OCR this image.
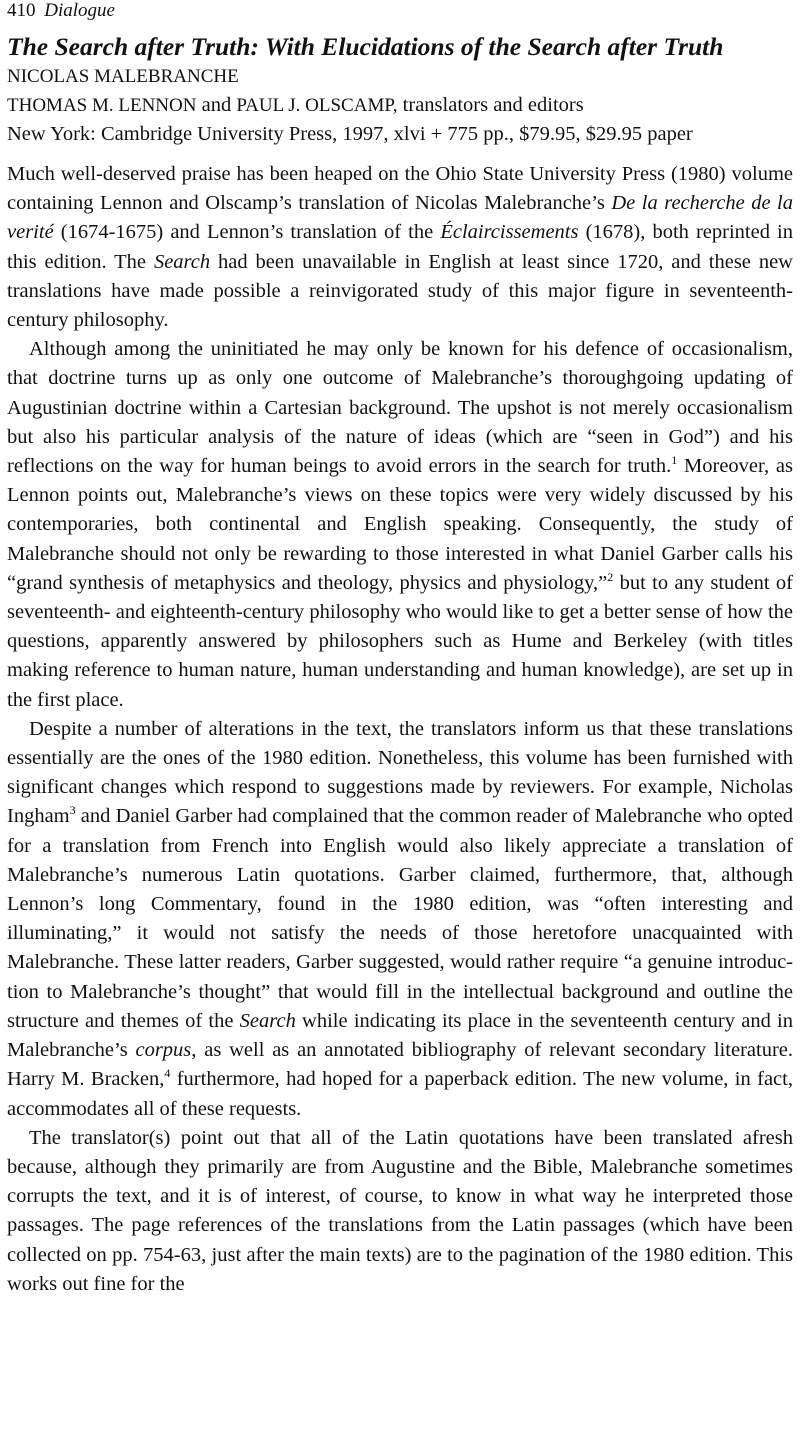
410 Dialogue
The Search after Truth: With Elucidations of the Search after Truth
NICOLAS MALEBRANCHE
THOMAS M. LENNON and PAUL J. OLSCAMP, translators and editors
New York: Cambridge University Press, 1997, xlvi + 775 pp., $79.95, $29.95 paper

Much well-deserved praise has been heaped on the Ohio State University Press (1980) volume containing Lennon and Olscamp’s translation of Nicolas Malebranche’s De la recherche de la verité (1674-1675) and Lennon’s translation of the Éclaircissements (1678), both reprinted in this edition. The Search had been unavailable in English at least since 1720, and these new translations have made possible a reinvigorated study of this major figure in seventeenth-century philosophy.

Although among the uninitiated he may only be known for his defence of occasionalism, that doctrine turns up as only one outcome of Malebranche’s thoroughgoing updating of Augustinian doctrine within a Cartesian background. The upshot is not merely occasionalism but also his particular analysis of the nature of ideas (which are “seen in God”) and his reflections on the way for human beings to avoid errors in the search for truth.$^1$ Moreover, as Lennon points out, Malebranche’s views on these topics were very widely discussed by his contemporaries, both continental and English speaking. Consequently, the study of Malebranche should not only be rewarding to those interested in what Daniel Garber calls his “grand synthesis of metaphysics and theology, physics and physiology,”$^2$ but to any student of seventeenth- and eighteenth-century philosophy who would like to get a better sense of how the questions, apparently answered by philosophers such as Hume and Berkeley (with titles making reference to human nature, human understanding and human knowledge), are set up in the first place.

Despite a number of alterations in the text, the translators inform us that these translations essentially are the ones of the 1980 edition. Nonetheless, this volume has been furnished with significant changes which respond to suggestions made by reviewers. For example, Nicholas Ingham$^3$ and Daniel Garber had complained that the common reader of Malebranche who opted for a translation from French into English would also likely appreciate a translation of Malebranche’s numerous Latin quotations. Garber claimed, furthermore, that, although Lennon’s long Commentary, found in the 1980 edition, was “often interesting and illuminating,” it would not satisfy the needs of those heretofore unacquainted with Malebranche. These latter readers, Garber suggested, would rather require “a genuine introduction to Malebranche’s thought” that would fill in the intellectual background and outline the structure and themes of the Search while indicating its place in the seventeenth century and in Malebranche’s corpus, as well as an annotated bibliography of relevant secondary literature. Harry M. Bracken,$^4$ furthermore, had hoped for a paperback edition. The new volume, in fact, accommodates all of these requests.

The translator(s) point out that all of the Latin quotations have been translated afresh because, although they primarily are from Augustine and the Bible, Malebranche sometimes corrupts the text, and it is of interest, of course, to know in what way he interpreted those passages. The page references of the translations from the Latin passages (which have been collected on pp. 754-63, just after the main texts) are to the pagination of the 1980 edition. This works out fine for the
